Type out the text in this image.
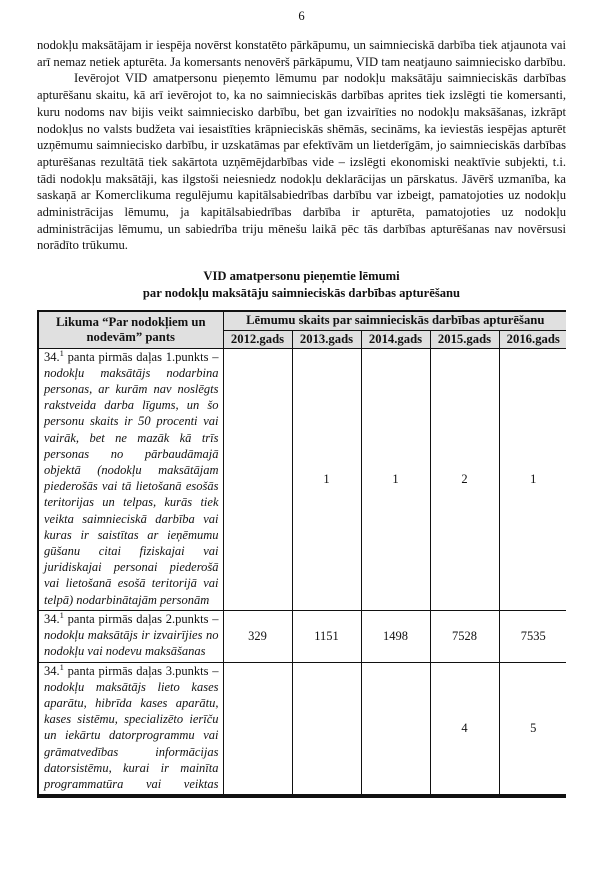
6

nodokļu maksātājam ir iespēja novērst konstatēto pārkāpumu, un saimnieciskā darbība tiek atjaunota vai arī nemaz netiek apturēta. Ja komersants nenovērš pārkāpumu, VID tam neatjauno saimniecisko darbību.

Ievērojot VID amatpersonu pieņemto lēmumu par nodokļu maksātāju saimnieciskās darbības apturēšanu skaitu, kā arī ievērojot to, ka no saimnieciskās darbības aprites tiek izslēgti tie komersanti, kuru nodoms nav bijis veikt saimniecisko darbību, bet gan izvairīties no nodokļu maksāšanas, izkrāpt nodokļus no valsts budžeta vai iesaistīties krāpnieciskās shēmās, secināms, ka ieviestās iespējas apturēt uzņēmumu saimniecisko darbību, ir uzskatāmas par efektīvām un lietderīgām, jo saimnieciskās darbības apturēšanas rezultātā tiek sakārtota uzņēmējdarbības vide – izslēgti ekonomiski neaktīvie subjekti, t.i. tādi nodokļu maksātāji, kas ilgstoši neiesniedz nodokļu deklarācijas un pārskatus. Jāvērš uzmanība, ka saskaņā ar Komerclikuma regulējumu kapitālsabiedrības darbību var izbeigt, pamatojoties uz nodokļu administrācijas lēmumu, ja kapitālsabiedrības darbība ir apturēta, pamatojoties uz nodokļu administrācijas lēmumu, un sabiedrība triju mēnešu laikā pēc tās darbības apturēšanas nav novērsusi norādīto trūkumu.

VID amatpersonu pieņemtie lēmumi
par nodokļu maksātāju saimnieciskās darbības apturēšanu
Likuma “Par nodokļiem un nodevām” pants	Lēmumu skaits par saimnieciskās darbības apturēšanu				
	2012.gads	2013.gads	2014.gads	2015.gads	2016.gads
34.$^1$ panta pirmās daļas 1.punkts – nodokļu maksātājs nodarbina personas, ar kurām nav noslēgts rakstveida darba līgums, un šo personu skaits ir 50 procenti vai vairāk, bet ne mazāk kā trīs personas no pārbaudāmajā objektā (nodokļu maksātājam piederošās vai tā lietošanā esošās teritorijas un telpas, kurās tiek veikta saimnieciskā darbība vai kuras ir saistītas ar ieņēmumu gūšanu citai fiziskajai vai juridiskajai personai piederošā vai lietošanā esošā teritorijā vai telpā) nodarbinātajām personām		1	1	2	1
34.$^1$ panta pirmās daļas 2.punkts – nodokļu maksātājs ir izvairījies no nodokļu vai nodevu maksāšanas	329	1151	1498	7528	7535
34.$^1$ panta pirmās daļas 3.punkts – nodokļu maksātājs lieto kases aparātu, hibrīda kases aparātu, kases sistēmu, specializēto ierīču un iekārtu datorprogrammu vai grāmatvedības informācijas datorsistēmu, kurai ir mainīta programmatūra vai veiktas				4	5
